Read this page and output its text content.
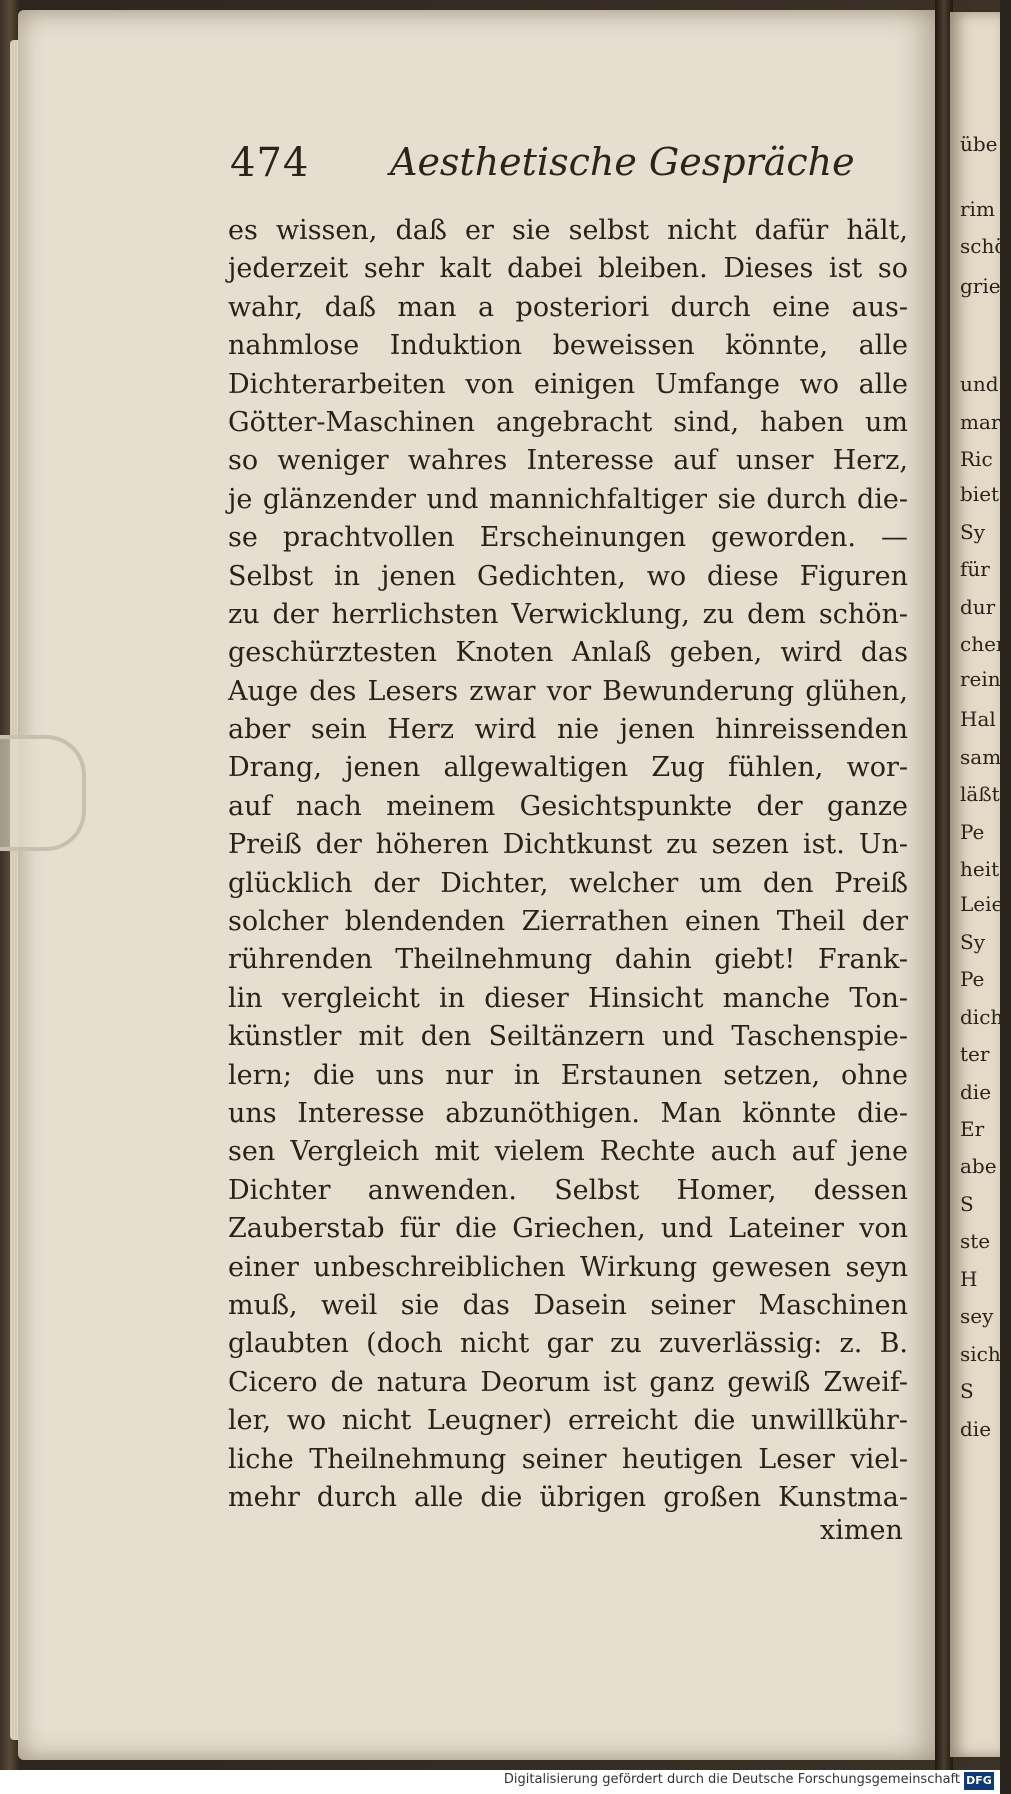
übe
rim
schö
grie
und
mar
Ric
biete
Sy
für
dur
chen
rein
Hal
sam
läßt
Pe
heit
Leie
Sy
Pe
dich
ter
die
Er
abe
S
ste
H
sey
sich
S
die
474 Aesthetische Gespräche
es wissen, daß er sie selbst nicht dafür hält,
jederzeit sehr kalt dabei bleiben. Dieses ist so
wahr, daß man a posteriori durch eine aus-
nahmlose Induktion beweissen könnte, alle
Dichterarbeiten von einigen Umfange wo alle
Götter-Maschinen angebracht sind, haben um
so weniger wahres Interesse auf unser Herz,
je glänzender und mannichfaltiger sie durch die-
se prachtvollen Erscheinungen geworden. —
Selbst in jenen Gedichten, wo diese Figuren
zu der herrlichsten Verwicklung, zu dem schön-
geschürztesten Knoten Anlaß geben, wird das
Auge des Lesers zwar vor Bewunderung glühen,
aber sein Herz wird nie jenen hinreissenden
Drang, jenen allgewaltigen Zug fühlen, wor-
auf nach meinem Gesichtspunkte der ganze
Preiß der höheren Dichtkunst zu sezen ist. Un-
glücklich der Dichter, welcher um den Preiß
solcher blendenden Zierrathen einen Theil der
rührenden Theilnehmung dahin giebt! Frank-
lin vergleicht in dieser Hinsicht manche Ton-
künstler mit den Seiltänzern und Taschenspie-
lern; die uns nur in Erstaunen setzen, ohne
uns Interesse abzunöthigen. Man könnte die-
sen Vergleich mit vielem Rechte auch auf jene
Dichter anwenden. Selbst Homer, dessen
Zauberstab für die Griechen, und Lateiner von
einer unbeschreiblichen Wirkung gewesen seyn
muß, weil sie das Dasein seiner Maschinen
glaubten (doch nicht gar zu zuverlässig: z. B.
Cicero de natura Deorum ist ganz gewiß Zweif-
ler, wo nicht Leugner) erreicht die unwillkühr-
liche Theilnehmung seiner heutigen Leser viel-
mehr durch alle die übrigen großen Kunstma-
ximen
Digitalisierung gefördert durch die Deutsche Forschungsgemeinschaft DFG
